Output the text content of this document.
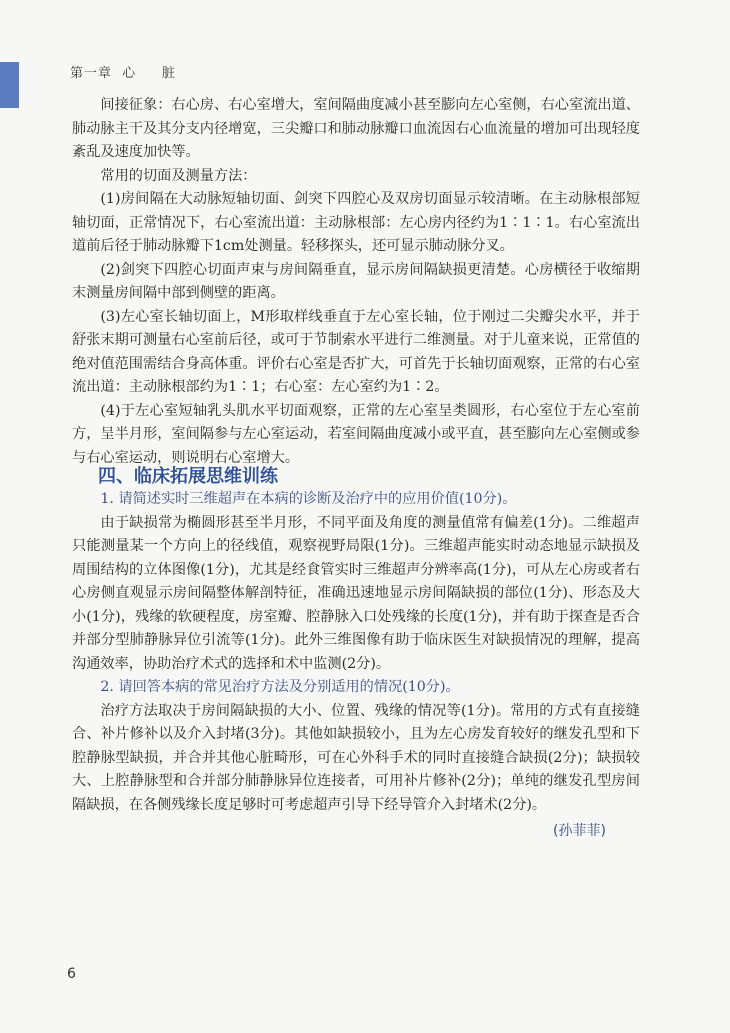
第一章  心     脏

间接征象：右心房、右心室增大，室间隔曲度减小甚至膨向左心室侧，右心室流出道、肺动脉主干及其分支内径增宽，三尖瓣口和肺动脉瓣口血流因右心血流量的增加可出现轻度紊乱及速度加快等。

常用的切面及测量方法：

(1)房间隔在大动脉短轴切面、剑突下四腔心及双房切面显示较清晰。在主动脉根部短轴切面，正常情况下，右心室流出道：主动脉根部：左心房内径约为1∶1∶1。右心室流出道前后径于肺动脉瓣下1cm处测量。轻移探头，还可显示肺动脉分叉。

(2)剑突下四腔心切面声束与房间隔垂直，显示房间隔缺损更清楚。心房横径于收缩期末测量房间隔中部到侧壁的距离。

(3)左心室长轴切面上，M形取样线垂直于左心室长轴，位于刚过二尖瓣尖水平，并于舒张末期可测量右心室前后径，或可于节制索水平进行二维测量。对于儿童来说，正常值的绝对值范围需结合身高体重。评价右心室是否扩大，可首先于长轴切面观察，正常的右心室流出道：主动脉根部约为1∶1；右心室：左心室约为1∶2。

(4)于左心室短轴乳头肌水平切面观察，正常的左心室呈类圆形，右心室位于左心室前方，呈半月形，室间隔参与左心室运动，若室间隔曲度减小或平直，甚至膨向左心室侧或参与右心室运动，则说明右心室增大。

四、临床拓展思维训练

1. 请简述实时三维超声在本病的诊断及治疗中的应用价值(10分)。

由于缺损常为椭圆形甚至半月形，不同平面及角度的测量值常有偏差(1分)。二维超声只能测量某一个方向上的径线值，观察视野局限(1分)。三维超声能实时动态地显示缺损及周围结构的立体图像(1分)，尤其是经食管实时三维超声分辨率高(1分)，可从左心房或者右心房侧直观显示房间隔整体解剖特征，准确迅速地显示房间隔缺损的部位(1分)、形态及大小(1分)，残缘的软硬程度，房室瓣、腔静脉入口处残缘的长度(1分)，并有助于探查是否合并部分型肺静脉异位引流等(1分)。此外三维图像有助于临床医生对缺损情况的理解，提高沟通效率，协助治疗术式的选择和术中监测(2分)。

2. 请回答本病的常见治疗方法及分别适用的情况(10分)。

治疗方法取决于房间隔缺损的大小、位置、残缘的情况等(1分)。常用的方式有直接缝合、补片修补以及介入封堵(3分)。其他如缺损较小，且为左心房发育较好的继发孔型和下腔静脉型缺损，并合并其他心脏畸形，可在心外科手术的同时直接缝合缺损(2分)；缺损较大、上腔静脉型和合并部分肺静脉异位连接者，可用补片修补(2分)；单纯的继发孔型房间隔缺损，在各侧残缘长度足够时可考虑超声引导下经导管介入封堵术(2分)。

(孙菲菲)
6
